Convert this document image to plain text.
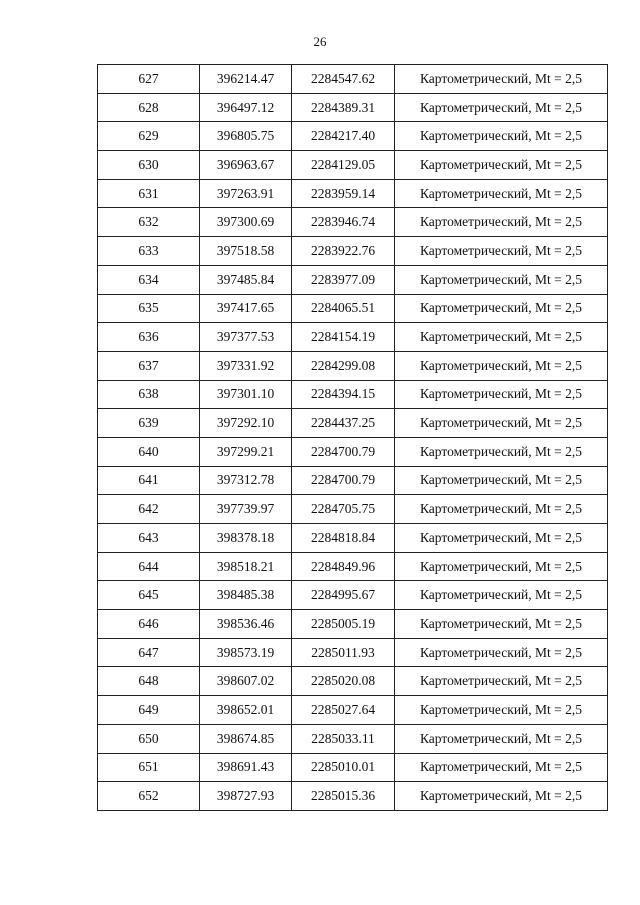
26
627	396214.47	2284547.62	Картометрический, Mt = 2,5
628	396497.12	2284389.31	Картометрический, Mt = 2,5
629	396805.75	2284217.40	Картометрический, Mt = 2,5
630	396963.67	2284129.05	Картометрический, Mt = 2,5
631	397263.91	2283959.14	Картометрический, Mt = 2,5
632	397300.69	2283946.74	Картометрический, Mt = 2,5
633	397518.58	2283922.76	Картометрический, Mt = 2,5
634	397485.84	2283977.09	Картометрический, Mt = 2,5
635	397417.65	2284065.51	Картометрический, Mt = 2,5
636	397377.53	2284154.19	Картометрический, Mt = 2,5
637	397331.92	2284299.08	Картометрический, Mt = 2,5
638	397301.10	2284394.15	Картометрический, Mt = 2,5
639	397292.10	2284437.25	Картометрический, Mt = 2,5
640	397299.21	2284700.79	Картометрический, Mt = 2,5
641	397312.78	2284700.79	Картометрический, Mt = 2,5
642	397739.97	2284705.75	Картометрический, Mt = 2,5
643	398378.18	2284818.84	Картометрический, Mt = 2,5
644	398518.21	2284849.96	Картометрический, Mt = 2,5
645	398485.38	2284995.67	Картометрический, Mt = 2,5
646	398536.46	2285005.19	Картометрический, Mt = 2,5
647	398573.19	2285011.93	Картометрический, Mt = 2,5
648	398607.02	2285020.08	Картометрический, Mt = 2,5
649	398652.01	2285027.64	Картометрический, Mt = 2,5
650	398674.85	2285033.11	Картометрический, Mt = 2,5
651	398691.43	2285010.01	Картометрический, Mt = 2,5
652	398727.93	2285015.36	Картометрический, Mt = 2,5
